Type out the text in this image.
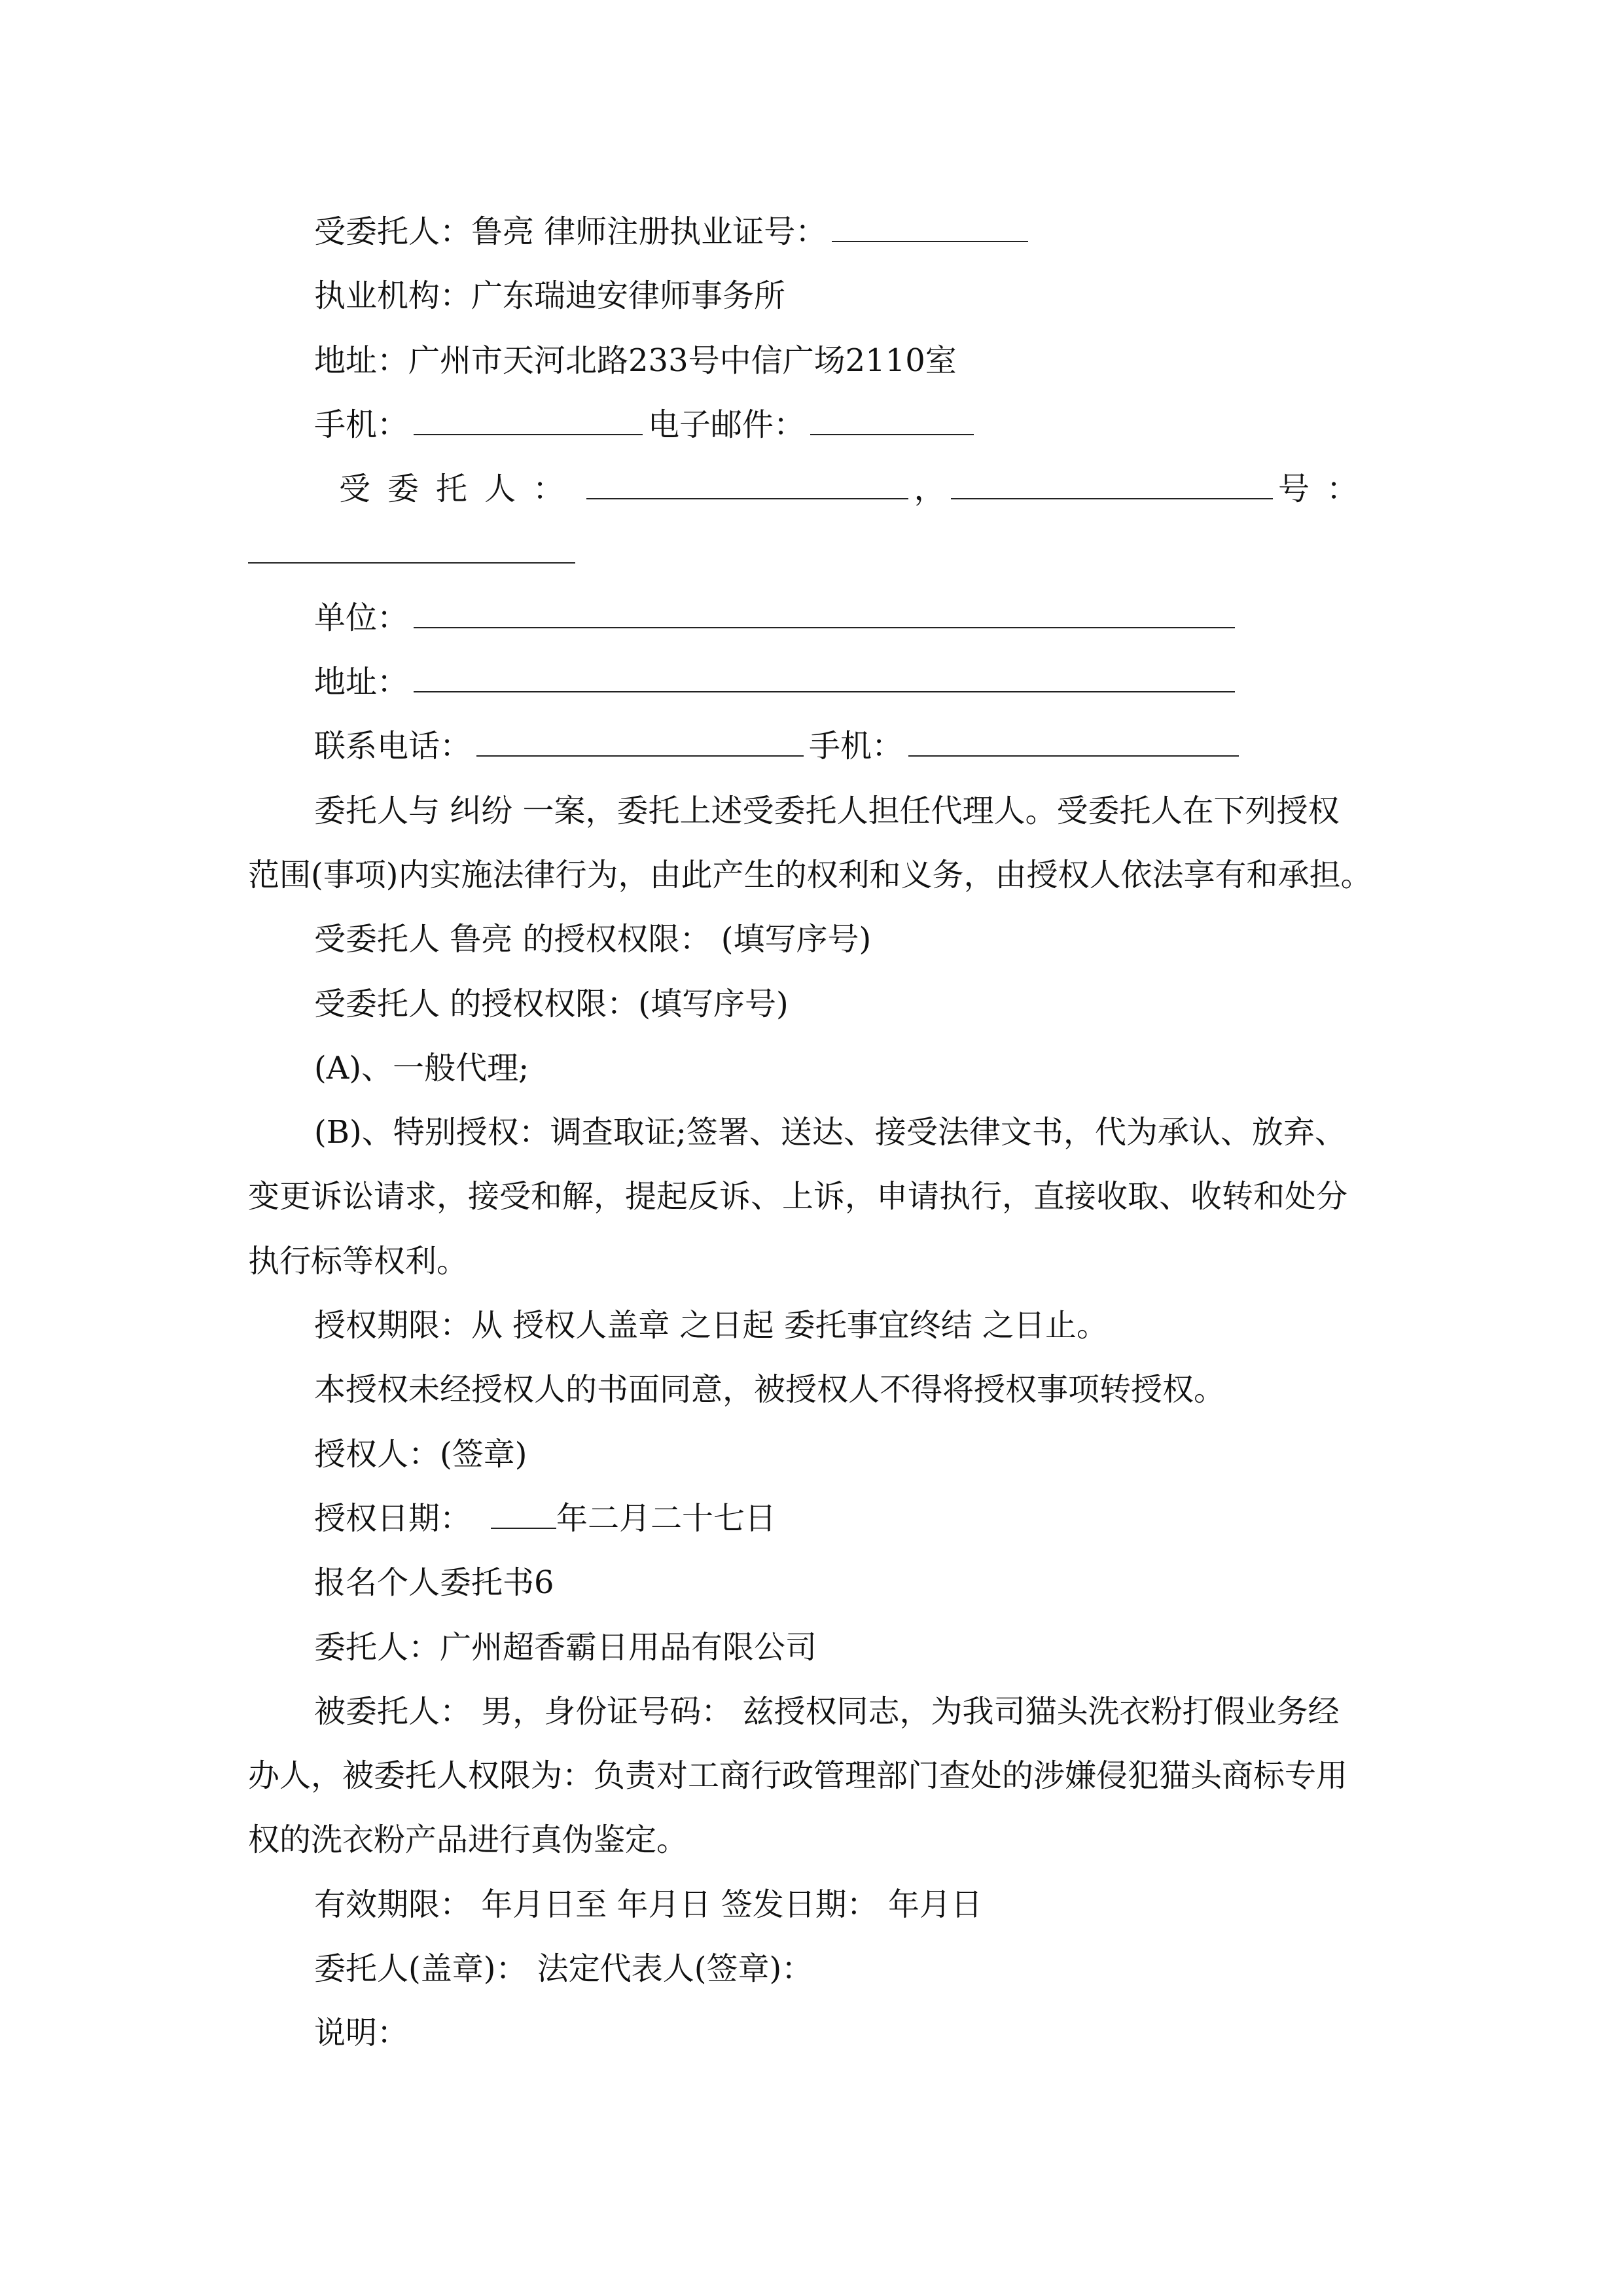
受委托人：鲁亮 律师注册执业证号：
执业机构：广东瑞迪安律师事务所
地址：广州市天河北路233号中信广场2110室
手机：	电子邮件：
受委托人：	，	号：
单位：
地址：
联系电话：	手机：
委托人与 纠纷 一案，委托上述受委托人担任代理人。受委托人在下列授权
范围(事项)内实施法律行为，由此产生的权利和义务，由授权人依法享有和承担。
受委托人 鲁亮 的授权权限： (填写序号)
受委托人 的授权权限：(填写序号)
(A)、一般代理;
(B)、特别授权：调查取证;签署、送达、接受法律文书，代为承认、放弃、
变更诉讼请求，接受和解，提起反诉、上诉，申请执行，直接收取、收转和处分
执行标等权利。
授权期限：从 授权人盖章 之日起 委托事宜终结 之日止。
本授权未经授权人的书面同意，被授权人不得将授权事项转授权。
授权人：(签章)
授权日期：	年二月二十七日
报名个人委托书6
委托人：广州超香霸日用品有限公司
被委托人： 男，身份证号码： 兹授权同志，为我司猫头洗衣粉打假业务经
办人，被委托人权限为：负责对工商行政管理部门查处的涉嫌侵犯猫头商标专用
权的洗衣粉产品进行真伪鉴定。
有效期限： 年月日至 年月日 签发日期： 年月日
委托人(盖章)： 法定代表人(签章)：
说明：
